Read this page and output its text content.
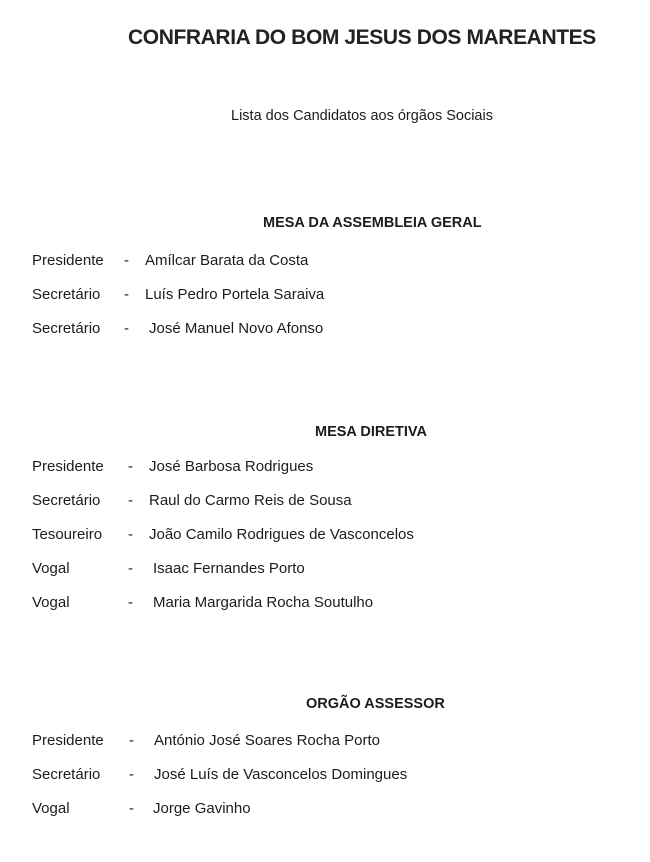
CONFRARIA DO BOM JESUS DOS MAREANTES
Lista dos Candidatos aos órgãos Sociais
MESA DA ASSEMBLEIA GERAL
Presidente - Amílcar Barata da Costa
Secretário - Luís Pedro Portela Saraiva
Secretário - José Manuel Novo Afonso
MESA DIRETIVA
Presidente - José Barbosa Rodrigues
Secretário - Raul do Carmo Reis de Sousa
Tesoureiro - João Camilo Rodrigues de Vasconcelos
Vogal	- Isaac Fernandes Porto
Vogal	- Maria Margarida Rocha Soutulho
ORGÃO ASSESSOR
Presidente - António José Soares Rocha Porto
Secretário - José Luís de Vasconcelos Domingues
Vogal	- Jorge Gavinho
